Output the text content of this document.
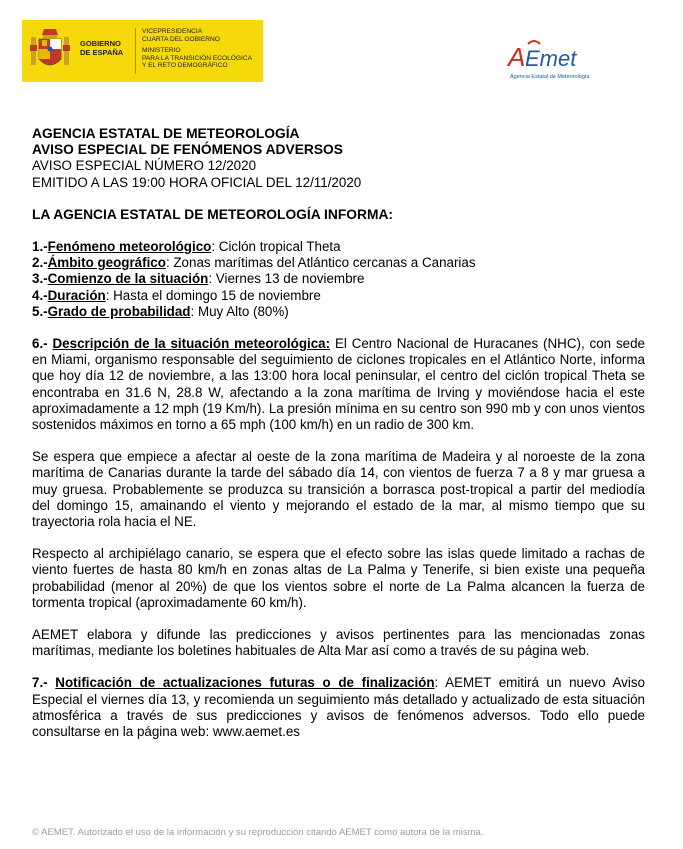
GOBIERNO
DE ESPAÑA
VICEPRESIDENCIA
CUARTA DEL GOBIERNO
MINISTERIO
PARA LA TRANSICIÓN ECOLÓGICA
Y EL RETO DEMOGRÁFICO	A Emet
Agencia Estatal de Meteorología
AGENCIA ESTATAL DE METEOROLOGÍA
AVISO ESPECIAL DE FENÓMENOS ADVERSOS
AVISO ESPECIAL NÚMERO 12/2020
EMITIDO A LAS 19:00 HORA OFICIAL DEL 12/11/2020
LA AGENCIA ESTATAL DE METEOROLOGÍA INFORMA:
1.-Fenómeno meteorológico: Ciclón tropical Theta
2.-Ámbito geográfico: Zonas marítimas del Atlántico cercanas a Canarias
3.-Comienzo de la situación: Viernes 13 de noviembre
4.-Duración: Hasta el domingo 15 de noviembre
5.-Grado de probabilidad: Muy Alto (80%)

6.- Descripción de la situación meteorológica: El Centro Nacional de Huracanes (NHC), con sede en Miami, organismo responsable del seguimiento de ciclones tropicales en el Atlántico Norte, informa que hoy día 12 de noviembre, a las 13:00 hora local peninsular, el centro del ciclón tropical Theta se encontraba en 31.6 N, 28.8 W, afectando a la zona marítima de Irving y moviéndose hacia el este aproximadamente a 12 mph (19 Km/h). La presión mínima en su centro son 990 mb y con unos vientos sostenidos máximos en torno a 65 mph (100 km/h) en un radio de 300 km.

Se espera que empiece a afectar al oeste de la zona marítima de Madeira y al noroeste de la zona marítima de Canarias durante la tarde del sábado día 14, con vientos de fuerza 7 a 8 y mar gruesa a muy gruesa. Probablemente se produzca su transición a borrasca post-tropical a partir del mediodía del domingo 15, amainando el viento y mejorando el estado de la mar, al mismo tiempo que su trayectoria rola hacia el NE.

Respecto al archipiélago canario, se espera que el efecto sobre las islas quede limitado a rachas de viento fuertes de hasta 80 km/h en zonas altas de La Palma y Tenerife, si bien existe una pequeña probabilidad (menor al 20%) de que los vientos sobre el norte de La Palma alcancen la fuerza de tormenta tropical (aproximadamente 60 km/h).

AEMET elabora y difunde las predicciones y avisos pertinentes para las mencionadas zonas marítimas, mediante los boletines habituales de Alta Mar así como a través de su página web.

7.- Notificación de actualizaciones futuras o de finalización: AEMET emitirá un nuevo Aviso Especial el viernes día 13, y recomienda un seguimiento más detallado y actualizado de esta situación atmosférica a través de sus predicciones y avisos de fenómenos adversos. Todo ello puede consultarse en la página web: www.aemet.es

© AEMET. Autorizado el uso de la información y su reproducción citando AEMET como autora de la misma.
